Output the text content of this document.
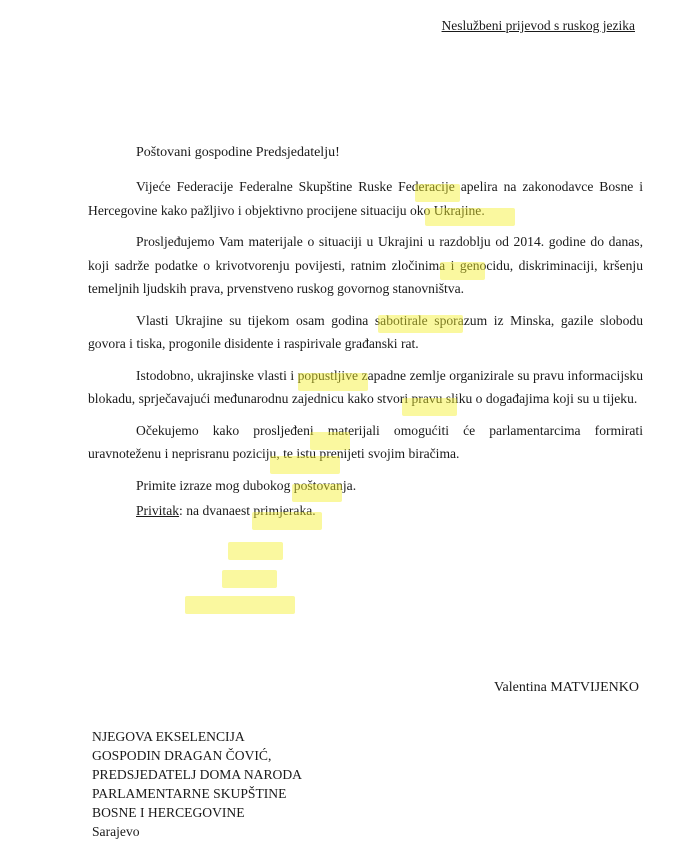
Neslužbeni prijevod s ruskog jezika
Poštovani gospodine Predsjedatelju!

Vijeće Federacije Federalne Skupštine Ruske Federacije apelira na zakonodavce Bosne i Hercegovine kako pažljivo i objektivno procijene situaciju oko Ukrajine.

Prosljeđujemo Vam materijale o situaciji u Ukrajini u razdoblju od 2014. godine do danas, koji sadrže podatke o krivotvorenju povijesti, ratnim zločinima i genocidu, diskriminaciji, kršenju temeljnih ljudskih prava, prvenstveno ruskog govornog stanovništva.

Vlasti Ukrajine su tijekom osam godina sabotirale sporazum iz Minska, gazile slobodu govora i tiska, progonile disidente i raspirivale građanski rat.

Istodobno, ukrajinske vlasti i popustljive zapadne zemlje organizirale su pravu informacijsku blokadu, sprječavajući međunarodnu zajednicu kako stvori pravu sliku o događajima koji su u tijeku.

Očekujemo kako prosljeđeni materijali omogućiti će parlamentarcima formirati uravnoteženu i neprisranu poziciju, te istu prenijeti svojim biračima.

Primite izraze mog dubokog poštovanja.

Privitak: na dvanaest primjeraka.

Valentina MATVIJENKO
NJEGOVA EKSELENCIJA
GOSPODIN DRAGAN ČOVIĆ,
PREDSJEDATELJ DOMA NARODA
PARLAMENTARNE SKUPŠTINE
BOSNE I HERCEGOVINE
Sarajevo
